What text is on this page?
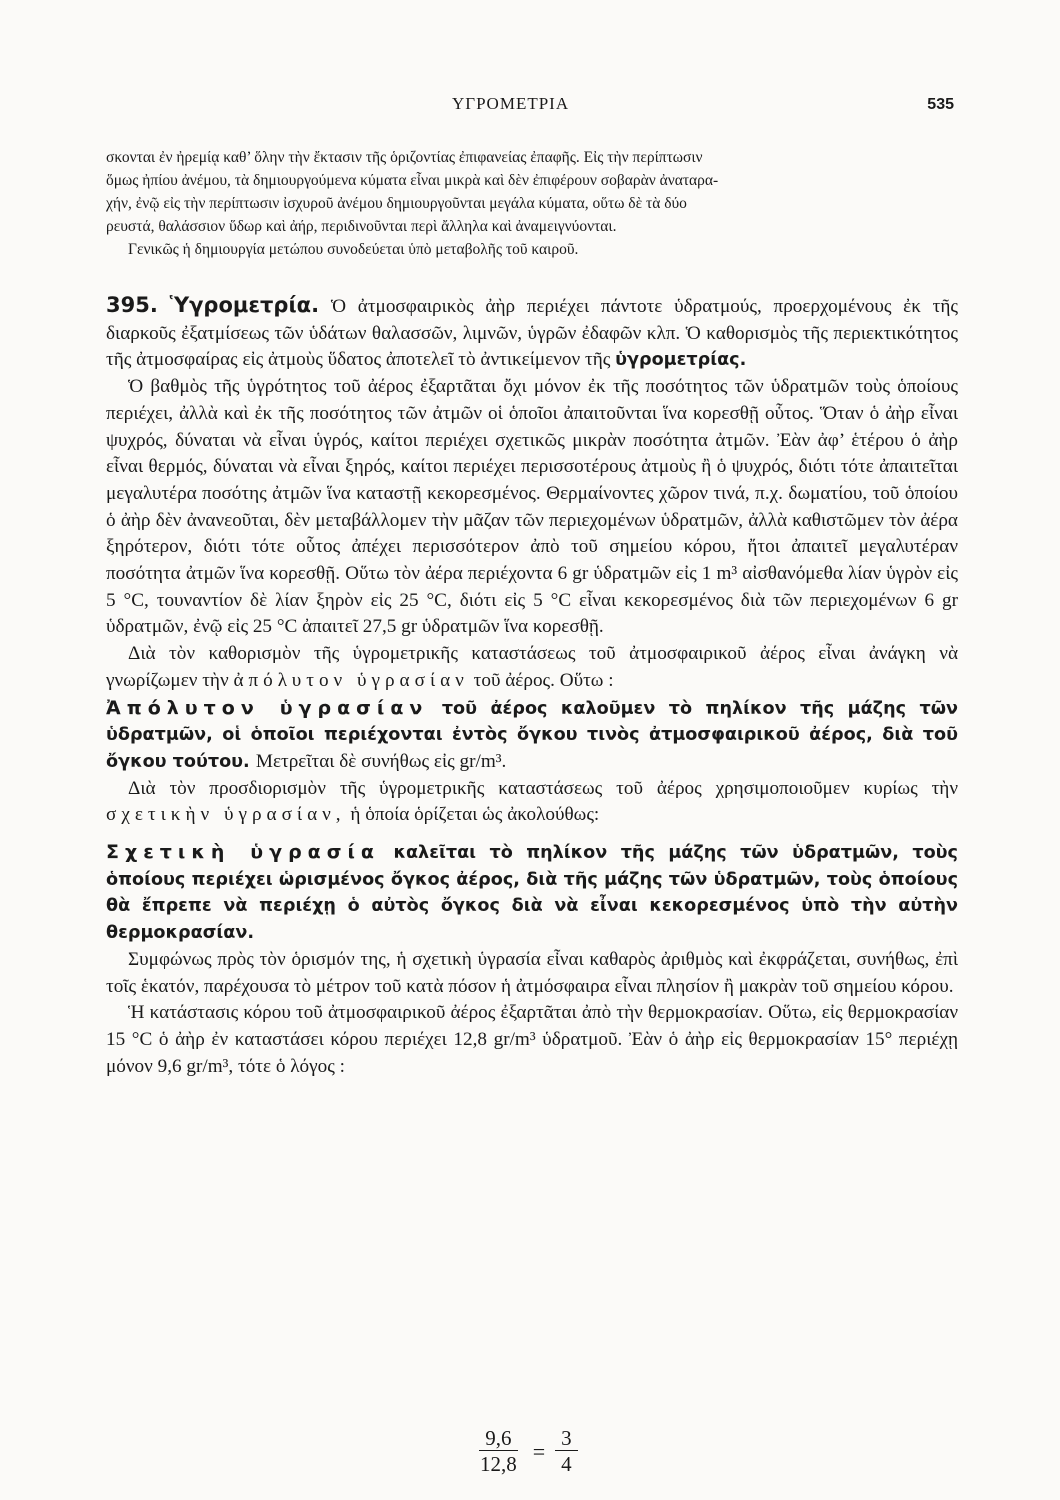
ΥΓΡΟΜΕΤΡΙΑ	535
σκονται ἐν ἠρεμίᾳ καθ’ ὅλην τὴν ἔκτασιν τῆς ὁριζοντίας ἐπιφανείας ἐπαφῆς. Εἰς τὴν περίπτωσιν
ὅμως ἠπίου ἀνέμου, τὰ δημιουργούμενα κύματα εἶναι μικρὰ καὶ δὲν ἐπιφέρουν σοβαρὰν ἀναταρα-
χήν, ἐνῷ εἰς τὴν περίπτωσιν ἰσχυροῦ ἀνέμου δημιουργοῦνται μεγάλα κύματα, οὕτω δὲ τὰ δύο
ρευστά, θαλάσσιον ὕδωρ καὶ ἀήρ, περιδινοῦνται περὶ ἄλληλα καὶ ἀναμειγνύονται.
Γενικῶς ἡ δημιουργία μετώπου συνοδεύεται ὑπὸ μεταβολῆς τοῦ καιροῦ.
395. Ὑγρομετρία. Ὁ ἀτμοσφαιρικὸς ἀὴρ περιέχει πάντοτε ὑδρατμούς, προερχομένους ἐκ τῆς διαρκοῦς ἐξατμίσεως τῶν ὑδάτων θαλασσῶν, λιμνῶν, ὑγρῶν ἐδαφῶν κλπ. Ὁ καθορισμὸς τῆς περιεκτικότητος τῆς ἀτμοσφαίρας εἰς ἀτμοὺς ὕδατος ἀποτελεῖ τὸ ἀντικείμενον τῆς ὑγρομετρίας.
Ὁ βαθμὸς τῆς ὑγρότητος τοῦ ἀέρος ἐξαρτᾶται ὄχι μόνον ἐκ τῆς ποσότητος τῶν ὑδρατμῶν τοὺς ὁποίους περιέχει, ἀλλὰ καὶ ἐκ τῆς ποσότητος τῶν ἀτμῶν οἱ ὁποῖοι ἀπαιτοῦνται ἵνα κορεσθῇ οὗτος. Ὅταν ὁ ἀὴρ εἶναι ψυχρός, δύναται νὰ εἶναι ὑγρός, καίτοι περιέχει σχετικῶς μικρὰν ποσότητα ἀτμῶν. Ἐὰν ἀφ’ ἑτέρου ὁ ἀὴρ εἶναι θερμός, δύναται νὰ εἶναι ξηρός, καίτοι περιέχει περισσοτέρους ἀτμοὺς ἢ ὁ ψυχρός, διότι τότε ἀπαιτεῖται μεγαλυτέρα ποσότης ἀτμῶν ἵνα καταστῇ κεκορεσμένος. Θερμαίνοντες χῶρον τινά, π.χ. δωματίου, τοῦ ὁποίου ὁ ἀὴρ δὲν ἀνανεοῦται, δὲν μεταβάλλομεν τὴν μᾶζαν τῶν περιεχομένων ὑδρατμῶν, ἀλλὰ καθιστῶμεν τὸν ἀέρα ξηρότερον, διότι τότε οὗτος ἀπέχει περισσότερον ἀπὸ τοῦ σημείου κόρου, ἤτοι ἀπαιτεῖ μεγαλυτέραν ποσότητα ἀτμῶν ἵνα κορεσθῇ. Οὕτω τὸν ἀέρα περιέχοντα 6 gr ὑδρατμῶν εἰς 1 m³ αἰσθανόμεθα λίαν ὑγρὸν εἰς 5 °C, τουναντίον δὲ λίαν ξηρὸν εἰς 25 °C, διότι εἰς 5 °C εἶναι κεκορεσμένος διὰ τῶν περιεχομένων 6 gr ὑδρατμῶν, ἐνῷ εἰς 25 °C ἀπαιτεῖ 27,5 gr ὑδρατμῶν ἵνα κορεσθῇ.
Διὰ τὸν καθορισμὸν τῆς ὑγρομετρικῆς καταστάσεως τοῦ ἀτμοσφαιρικοῦ ἀέρος εἶναι ἀνάγκη νὰ γνωρίζωμεν τὴν ἀπόλυτον ὑγρασίαν τοῦ ἀέρος. Οὕτω :
Ἀπόλυτον ὑγρασίαν τοῦ ἀέρος καλοῦμεν τὸ πηλίκον τῆς μάζης τῶν ὑδρατμῶν, οἱ ὁποῖοι περιέχονται ἐντὸς ὄγκου τινὸς ἀτμοσφαιρικοῦ ἀέρος, διὰ τοῦ ὄγκου τούτου. Μετρεῖται δὲ συνήθως εἰς gr/m³.
Διὰ τὸν προσδιορισμὸν τῆς ὑγρομετρικῆς καταστάσεως τοῦ ἀέρος χρησιμοποιοῦμεν κυρίως τὴν σχετικὴν ὑγρασίαν, ἡ ὁποία ὁρίζεται ὡς ἀκολούθως:
Σχετικὴ ὑγρασία καλεῖται τὸ πηλίκον τῆς μάζης τῶν ὑδρατμῶν, τοὺς ὁποίους περιέχει ὡρισμένος ὄγκος ἀέρος, διὰ τῆς μάζης τῶν ὑδρατμῶν, τοὺς ὁποίους θὰ ἔπρεπε νὰ περιέχῃ ὁ αὐτὸς ὄγκος διὰ νὰ εἶναι κεκορεσμένος ὑπὸ τὴν αὐτὴν θερμοκρασίαν.
Συμφώνως πρὸς τὸν ὁρισμόν της, ἡ σχετικὴ ὑγρασία εἶναι καθαρὸς ἀριθμὸς καὶ ἐκφράζεται, συνήθως, ἐπὶ τοῖς ἑκατόν, παρέχουσα τὸ μέτρον τοῦ κατὰ πόσον ἡ ἀτμόσφαιρα εἶναι πλησίον ἢ μακρὰν τοῦ σημείου κόρου.
Ἡ κατάστασις κόρου τοῦ ἀτμοσφαιρικοῦ ἀέρος ἐξαρτᾶται ἀπὸ τὴν θερμοκρασίαν. Οὕτω, εἰς θερμοκρασίαν 15 °C ὁ ἀὴρ ἐν καταστάσει κόρου περιέχει 12,8 gr/m³ ὑδρατμοῦ. Ἐὰν ὁ ἀὴρ εἰς θερμοκρασίαν 15° περιέχῃ μόνον 9,6 gr/m³, τότε ὁ λόγος :
$\frac{9,6}{12,8} = \frac{3}{4}$
